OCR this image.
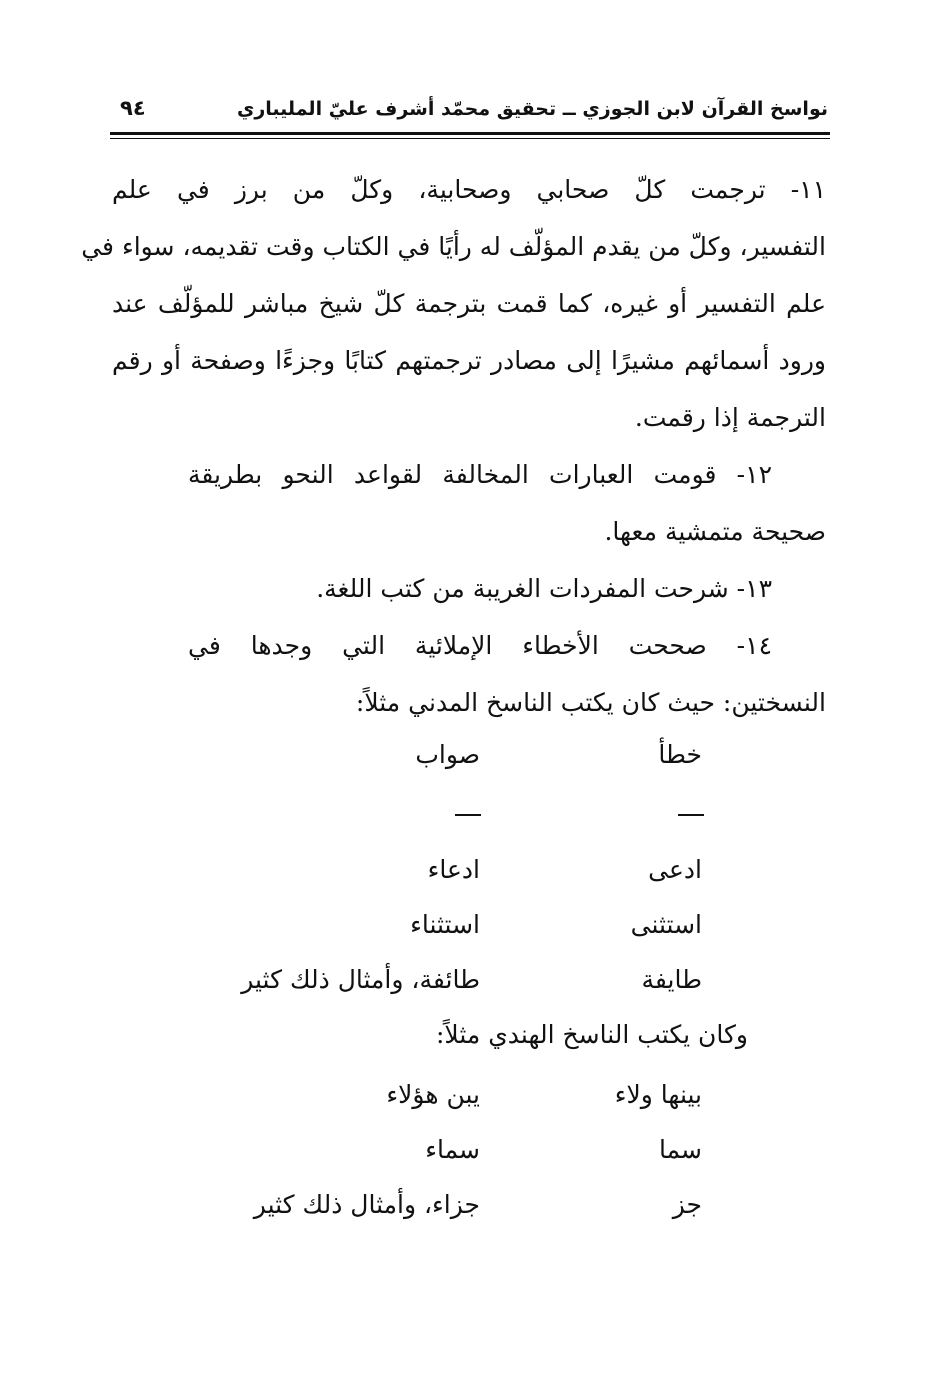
نواسخ القرآن لابن الجوزي ــ تحقيق محمّد أشرف عليّ المليباري
٩٤
١١- ترجمت كلّ صحابي وصحابية، وكلّ من برز في علم
التفسير، وكلّ من يقدم المؤلّف له رأيًا في الكتاب وقت تقديمه، سواء في
علم التفسير أو غيره، كما قمت بترجمة كلّ شيخ مباشر للمؤلّف عند
ورود أسمائهم مشيرًا إلى مصادر ترجمتهم كتابًا وجزءًا وصفحة أو رقم
الترجمة إذا رقمت.
١٢- قومت العبارات المخالفة لقواعد النحو بطريقة
صحيحة متمشية معها.
١٣- شرحت المفردات الغريبة من كتب اللغة.
١٤- صححت الأخطاء الإملائية التي وجدها في
النسختين: حيث كان يكتب الناسخ المدني مثلاً:
خطأ
صواب
ادعى
ادعاء
استثنى
استثناء
طايفة
طائفة، وأمثال ذلك كثير
وكان يكتب الناسخ الهندي مثلاً:
بينها ولاء
يبن هؤلاء
سما
سماء
جز
جزاء، وأمثال ذلك كثير
